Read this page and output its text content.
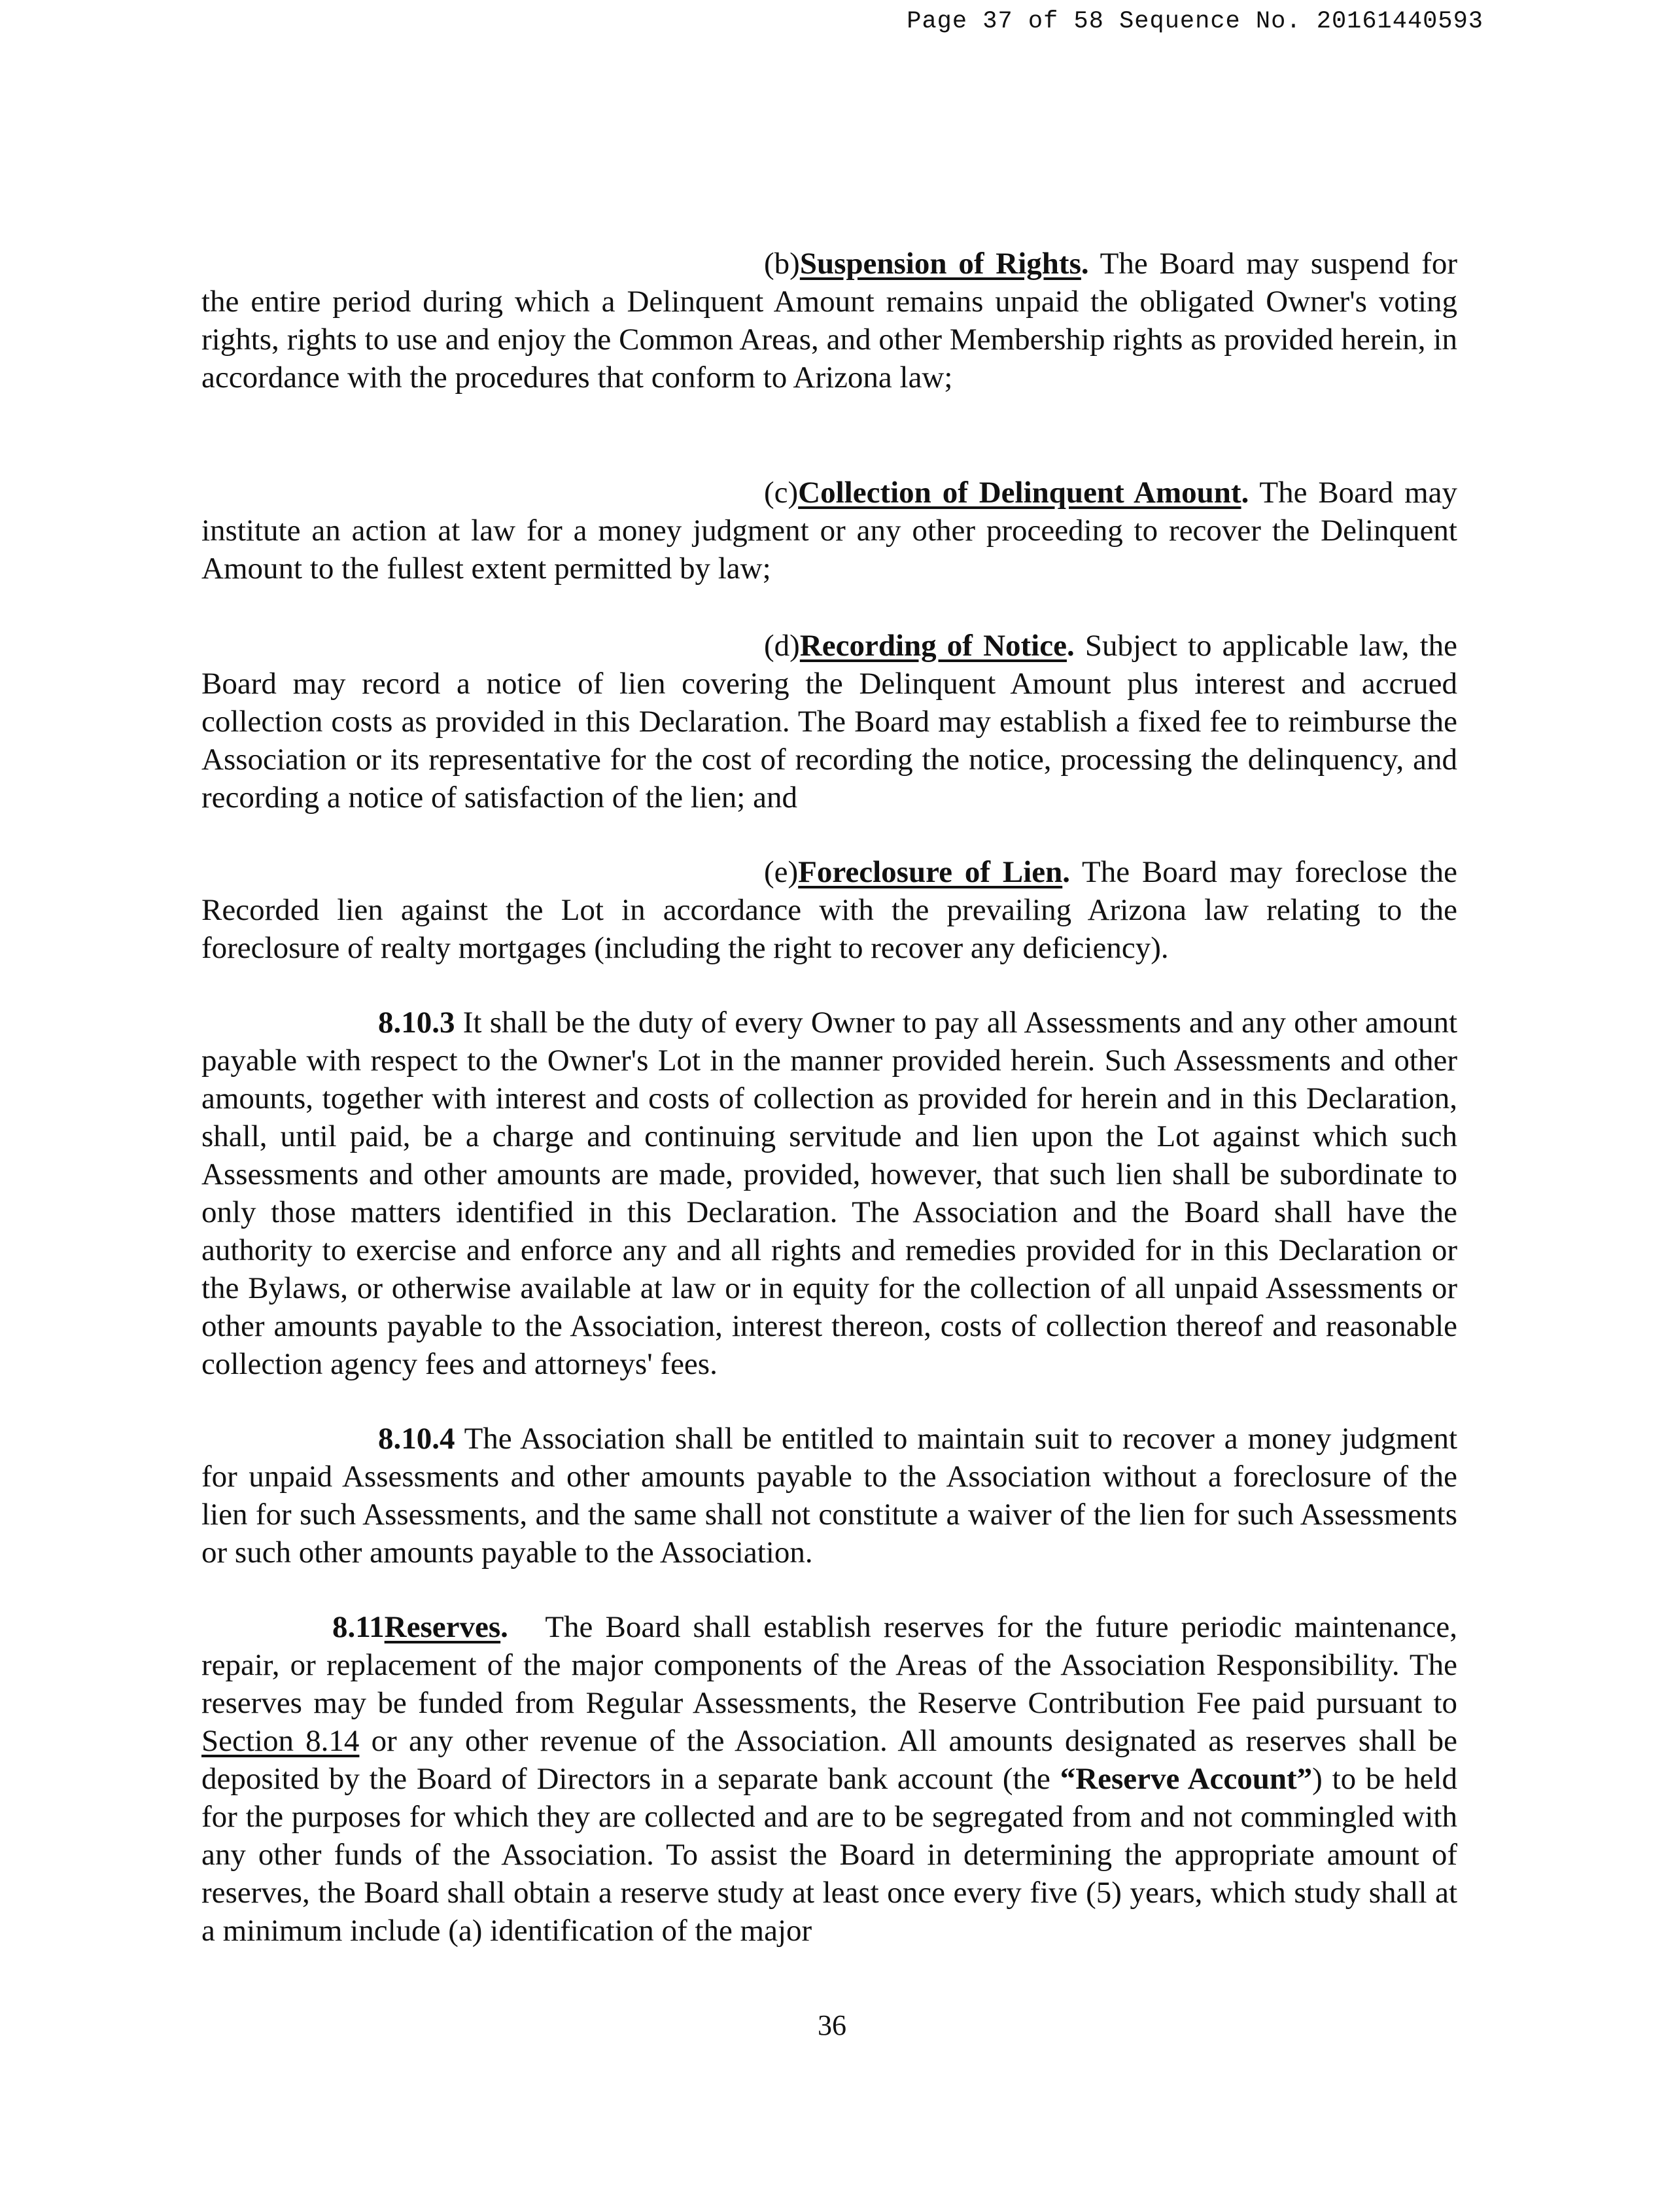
Page 37 of 58 Sequence No. 20161440593

(b)Suspension of Rights. The Board may suspend for the entire period during which a Delinquent Amount remains unpaid the obligated Owner's voting rights, rights to use and enjoy the Common Areas, and other Membership rights as provided herein, in accordance with the procedures that conform to Arizona law;

(c)Collection of Delinquent Amount. The Board may institute an action at law for a money judgment or any other proceeding to recover the Delinquent Amount to the fullest extent permitted by law;

(d)Recording of Notice. Subject to applicable law, the Board may record a notice of lien covering the Delinquent Amount plus interest and accrued collection costs as provided in this Declaration. The Board may establish a fixed fee to reimburse the Association or its representative for the cost of recording the notice, processing the delinquency, and recording a notice of satisfaction of the lien; and

(e)Foreclosure of Lien. The Board may foreclose the Recorded lien against the Lot in accordance with the prevailing Arizona law relating to the foreclosure of realty mortgages (including the right to recover any deficiency).

8.10.3 It shall be the duty of every Owner to pay all Assessments and any other amount payable with respect to the Owner's Lot in the manner provided herein. Such Assessments and other amounts, together with interest and costs of collection as provided for herein and in this Declaration, shall, until paid, be a charge and continuing servitude and lien upon the Lot against which such Assessments and other amounts are made, provided, however, that such lien shall be subordinate to only those matters identified in this Declaration. The Association and the Board shall have the authority to exercise and enforce any and all rights and remedies provided for in this Declaration or the Bylaws, or otherwise available at law or in equity for the collection of all unpaid Assessments or other amounts payable to the Association, interest thereon, costs of collection thereof and reasonable collection agency fees and attorneys' fees.

8.10.4 The Association shall be entitled to maintain suit to recover a money judgment for unpaid Assessments and other amounts payable to the Association without a foreclosure of the lien for such Assessments, and the same shall not constitute a waiver of the lien for such Assessments or such other amounts payable to the Association.

8.11Reserves. The Board shall establish reserves for the future periodic maintenance, repair, or replacement of the major components of the Areas of the Association Responsibility. The reserves may be funded from Regular Assessments, the Reserve Contribution Fee paid pursuant to Section 8.14 or any other revenue of the Association. All amounts designated as reserves shall be deposited by the Board of Directors in a separate bank account (the “Reserve Account”) to be held for the purposes for which they are collected and are to be segregated from and not commingled with any other funds of the Association. To assist the Board in determining the appropriate amount of reserves, the Board shall obtain a reserve study at least once every five (5) years, which study shall at a minimum include (a) identification of the major

36
